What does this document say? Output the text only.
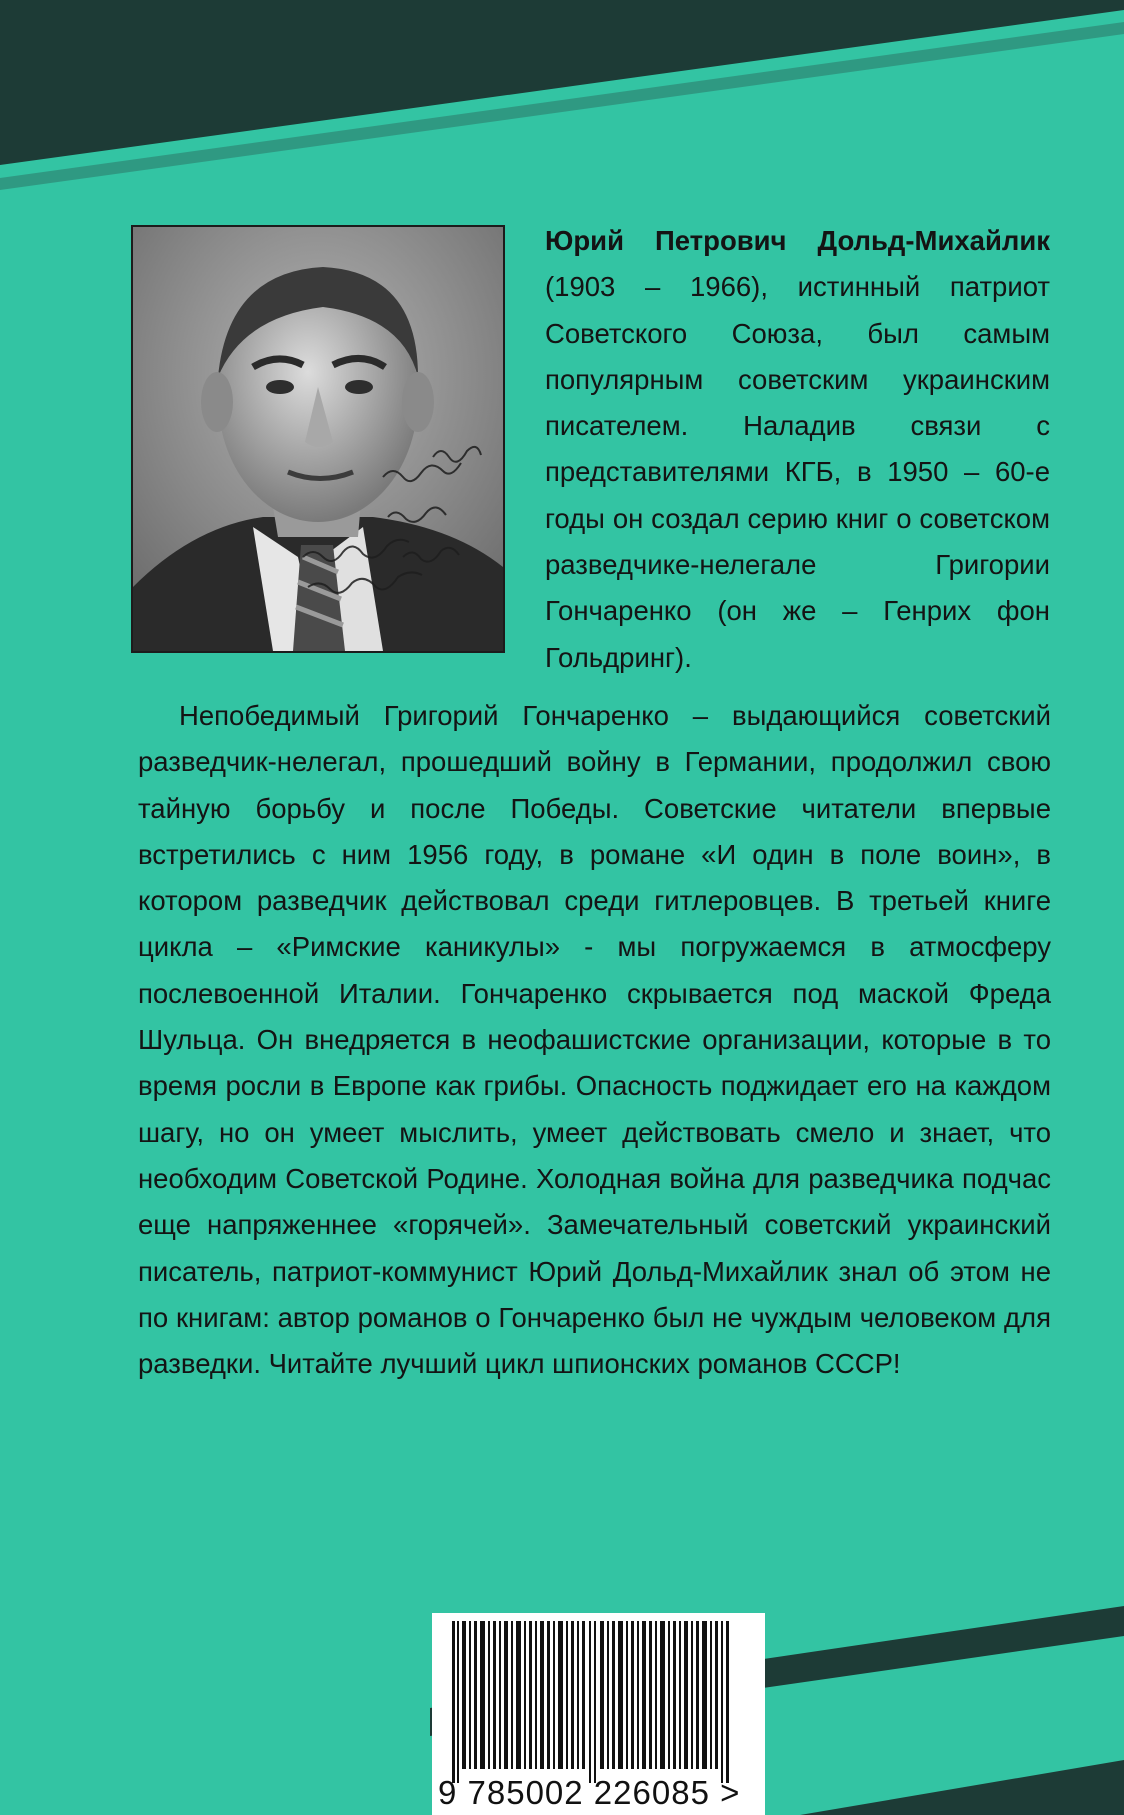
Юрий Петрович Дольд-Михайлик (1903 – 1966), истинный патриот Советского Союза, был самым популярным советским украинским писателем. Наладив связи с представителями КГБ, в 1950 – 60-е годы он создал серию книг о советском разведчике-нелегале Григории Гончаренко (он же – Генрих фон Гольдринг).

Непобедимый Григорий Гончаренко – выдающийся советский разведчик-нелегал, прошедший войну в Германии, продолжил свою тайную борьбу и после Победы. Советские читатели впервые встретились с ним 1956 году, в романе «И один в поле воин», в котором разведчик действовал среди гитлеровцев. В третьей книге цикла – «Римские каникулы» - мы погружаемся в атмосферу послевоенной Италии. Гончаренко скрывается под маской Фреда Шульца. Он внедряется в неофашистские организации, которые в то время росли в Европе как грибы. Опасность поджидает его на каждом шагу, но он умеет мыслить, умеет действовать смело и знает, что необходим Советской Родине. Холодная война для разведчика подчас еще напряженнее «горячей». Замечательный советский украинский писатель, патриот-коммунист Юрий Дольд-Михайлик знал об этом не по книгам: автор романов о Гончаренко был не чуждым человеком для разведки. Читайте лучший цикл шпионских романов СССР!

9 785002 226085 >
